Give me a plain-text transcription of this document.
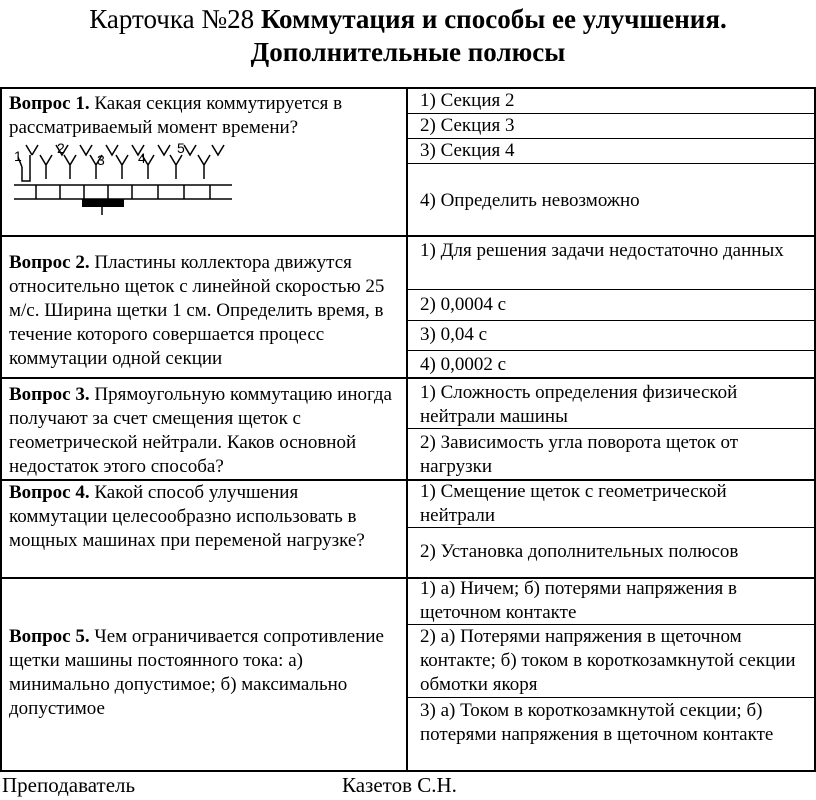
Карточка №28 Коммутация и способы ее улучшения.
Дополнительные полюсы
Вопрос 1. Какая секция коммутируется в рассматриваемый момент времени?
1	2
3 4
5
1) Секция 2
2) Секция 3
3) Секция 4
4) Определить невозможно
Вопрос 2. Пластины коллектора движутся относительно щеток с линейной скоростью 25 м/с. Ширина щетки 1 см. Определить время, в течение которого совершается процесс коммутации одной секции
1) Для решения задачи недостаточно данных
2) 0,0004 с
3) 0,04 с
4) 0,0002 с
Вопрос 3. Прямоугольную коммутацию иногда получают за счет смещения щеток с геометрической нейтрали. Каков основной недостаток этого способа?
1) Сложность определения физической нейтрали машины
2) Зависимость угла поворота щеток от нагрузки
Вопрос 4. Какой способ улучшения коммутации целесообразно использовать в мощных машинах при переменой нагрузке?
1) Смещение щеток с геометрической нейтрали
2) Установка дополнительных полюсов
Вопрос 5. Чем ограничивается сопротивление щетки машины постоянного тока: а) минимально допустимое; б) максимально допустимое
1) а) Ничем; б) потерями напряжения в щеточном контакте
2) а) Потерями напряжения в щеточном контакте; б) током в короткозамкнутой секции обмотки якоря
3) а) Током в короткозамкнутой секции; б) потерями напряжения в щеточном контакте
Преподаватель	Казетов С.Н.
